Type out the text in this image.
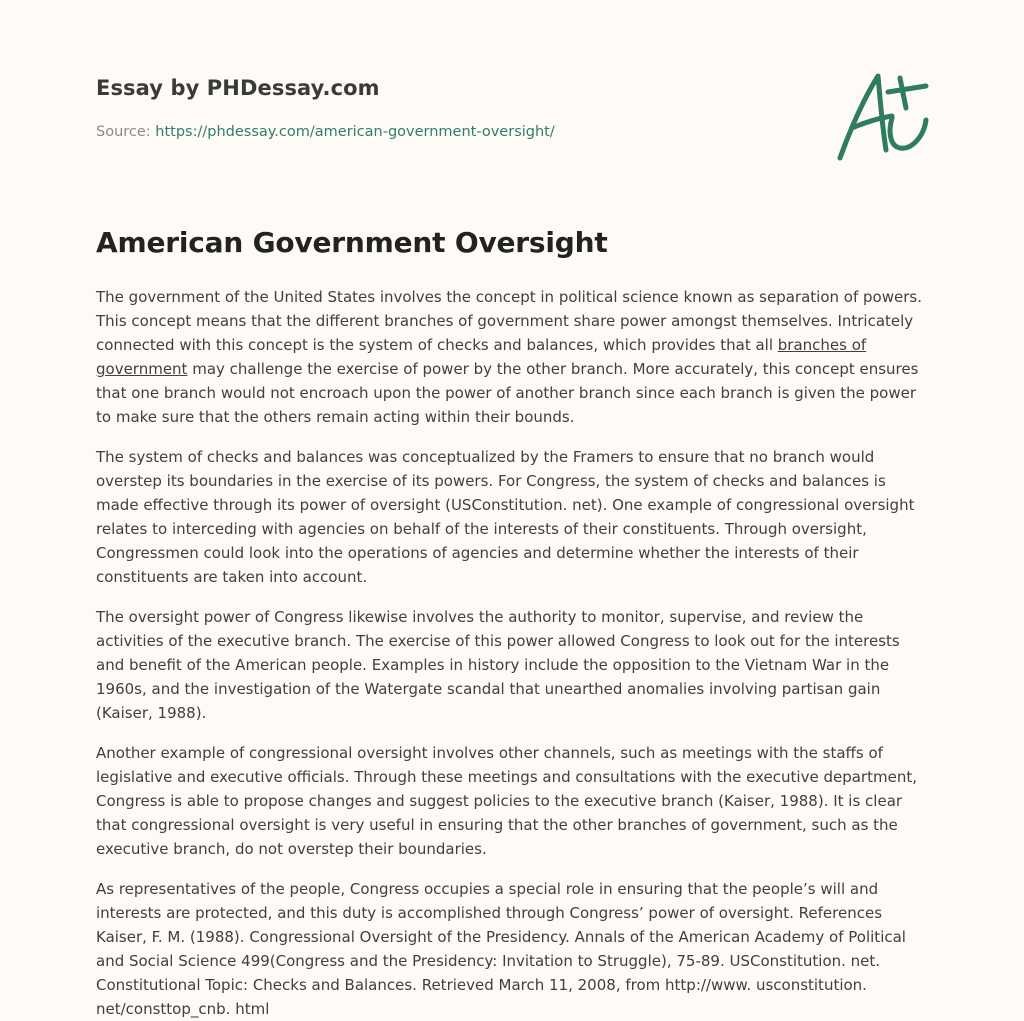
Essay by PHDessay.com
Source: https://phdessay.com/american-government-oversight/
American Government Oversight

The government of the United States involves the concept in political science known as separation of powers. This concept means that the different branches of government share power amongst themselves. Intricately connected with this concept is the system of checks and balances, which provides that all branches of government may challenge the exercise of power by the other branch. More accurately, this concept ensures that one branch would not encroach upon the power of another branch since each branch is given the power to make sure that the others remain acting within their bounds.

The system of checks and balances was conceptualized by the Framers to ensure that no branch would overstep its boundaries in the exercise of its powers. For Congress, the system of checks and balances is made effective through its power of oversight (USConstitution. net). One example of congressional oversight relates to interceding with agencies on behalf of the interests of their constituents. Through oversight, Congressmen could look into the operations of agencies and determine whether the interests of their constituents are taken into account.

The oversight power of Congress likewise involves the authority to monitor, supervise, and review the activities of the executive branch. The exercise of this power allowed Congress to look out for the interests and benefit of the American people. Examples in history include the opposition to the Vietnam War in the 1960s, and the investigation of the Watergate scandal that unearthed anomalies involving partisan gain (Kaiser, 1988).

Another example of congressional oversight involves other channels, such as meetings with the staffs of legislative and executive officials. Through these meetings and consultations with the executive department, Congress is able to propose changes and suggest policies to the executive branch (Kaiser, 1988). It is clear that congressional oversight is very useful in ensuring that the other branches of government, such as the executive branch, do not overstep their boundaries.

As representatives of the people, Congress occupies a special role in ensuring that the people’s will and interests are protected, and this duty is accomplished through Congress’ power of oversight. References Kaiser, F. M. (1988). Congressional Oversight of the Presidency. Annals of the American Academy of Political and Social Science 499(Congress and the Presidency: Invitation to Struggle), 75-89. USConstitution. net. Constitutional Topic: Checks and Balances. Retrieved March 11, 2008, from http://www. usconstitution. net/consttop_cnb. html
